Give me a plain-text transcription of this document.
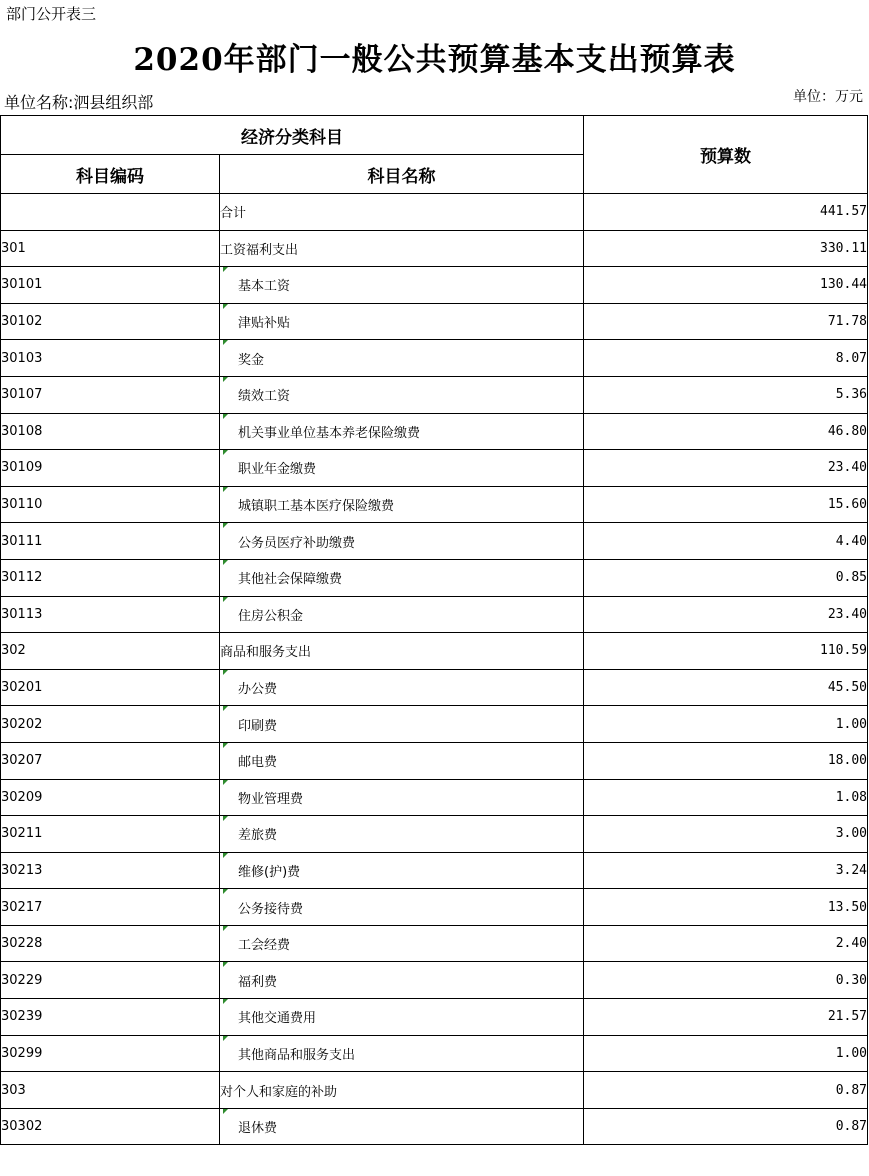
部门公开表三
2020年部门一般公共预算基本支出预算表
单位名称:泗县组织部	单位：万元
经济分类科目		预算数
科目编码	科目名称	
	合计	441.57
301	工资福利支出	330.11
30101	基本工资	130.44
30102	津贴补贴	71.78
30103	奖金	8.07
30107	绩效工资	5.36
30108	机关事业单位基本养老保险缴费	46.80
30109	职业年金缴费	23.40
30110	城镇职工基本医疗保险缴费	15.60
30111	公务员医疗补助缴费	4.40
30112	其他社会保障缴费	0.85
30113	住房公积金	23.40
302	商品和服务支出	110.59
30201	办公费	45.50
30202	印刷费	1.00
30207	邮电费	18.00
30209	物业管理费	1.08
30211	差旅费	3.00
30213	维修(护)费	3.24
30217	公务接待费	13.50
30228	工会经费	2.40
30229	福利费	0.30
30239	其他交通费用	21.57
30299	其他商品和服务支出	1.00
303	对个人和家庭的补助	0.87
30302	退休费	0.87
